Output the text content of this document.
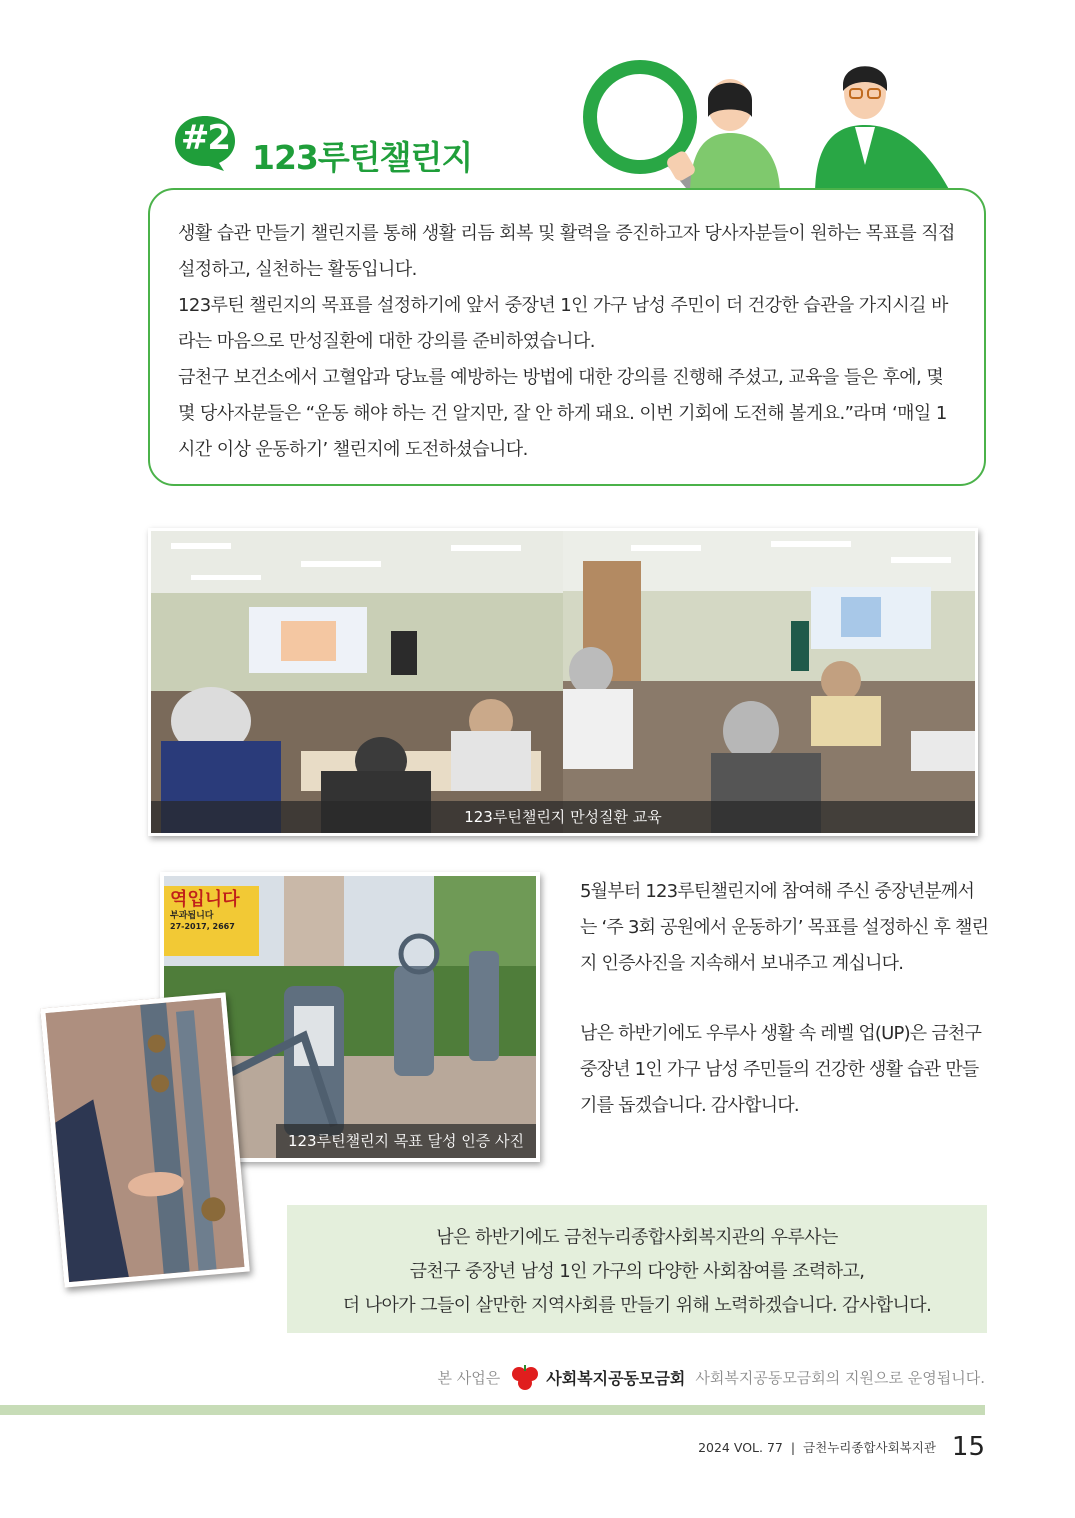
#2 123루틴챌린지

생활 습관 만들기 챌린지를 통해 생활 리듬 회복 및 활력을 증진하고자 당사자분들이 원하는 목표를 직접 설정하고, 실천하는 활동입니다.

123루틴 챌린지의 목표를 설정하기에 앞서 중장년 1인 가구 남성 주민이 더 건강한 습관을 가지시길 바라는 마음으로 만성질환에 대한 강의를 준비하였습니다.

금천구 보건소에서 고혈압과 당뇨를 예방하는 방법에 대한 강의를 진행해 주셨고, 교육을 들은 후에, 몇몇 당사자분들은 “운동 해야 하는 건 알지만, 잘 안 하게 돼요. 이번 기회에 도전해 볼게요.”라며 ‘매일 1시간 이상 운동하기’ 챌린지에 도전하셨습니다.

123루틴챌린지 만성질환 교육
역입니다
부과됩니다
27-2017, 2667
123루틴챌린지 목표 달성 인증 사진

5월부터 123루틴챌린지에 참여해 주신 중장년분께서는 ‘주 3회 공원에서 운동하기’ 목표를 설정하신 후 챌린지 인증사진을 지속해서 보내주고 계십니다.

남은 하반기에도 우루사 생활 속 레벨 업(UP)은 금천구 중장년 1인 가구 남성 주민들의 건강한 생활 습관 만들기를 돕겠습니다. 감사합니다.

남은 하반기에도 금천누리종합사회복지관의 우루사는

금천구 중장년 남성 1인 가구의 다양한 사회참여를 조력하고,

더 나아가 그들이 살만한 지역사회를 만들기 위해 노력하겠습니다. 감사합니다.

본 사업은	사회복지공동모금회 사회복지공동모금회의 지원으로 운영됩니다.
2024 VOL. 77 | 금천누리종합사회복지관 15
